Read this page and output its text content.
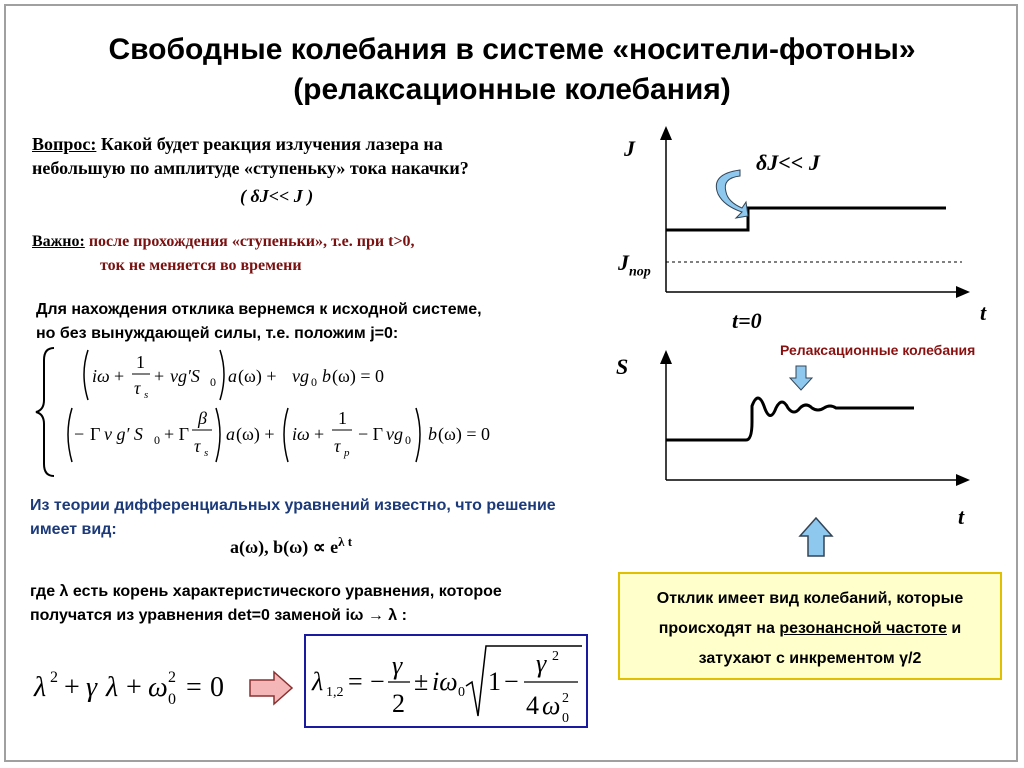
Свободные колебания в системе «носители-фотоны»
(релаксационные колебания)
Вопрос: Какой будет реакция излучения лазера на
небольшую по амплитуде «ступеньку» тока накачки?
( δJ<< J )
Важно: после прохождения «ступеньки», т.е. при t>0,
ток не меняется во времени
Для нахождения отклика вернемся к исходной системе,
но без вынуждающей силы, т.е. положим j=0:
iω +
1
τ s
+ vg′S 0 a (ω) + vg 0 b (ω) = 0
− Γ v g′ S 0 + Γ
β
τ s
a (ω) + iω +
1
τ p
− Γ vg 0 b (ω) = 0
Из теории дифференциальных уравнений известно, что решение
имеет вид:
a(ω), $b(\omega) \propto e^{\lambda t}$
где λ есть корень характеристического уравнения, которое
получатся из уравнения det=0 заменой iω → λ :
λ 2 + γ λ + ω 2
0 = 0	λ 1,2 = −
γ
2
± iω 0 1 −
γ 2
4 ω 2
0
J
$J_{пор}$
δJ<< J
t
t=0
S
t
Релаксационные колебания
Отклик имеет вид колебаний, которые
происходят на резонансной частоте и
затухают с инкрементом γ/2
